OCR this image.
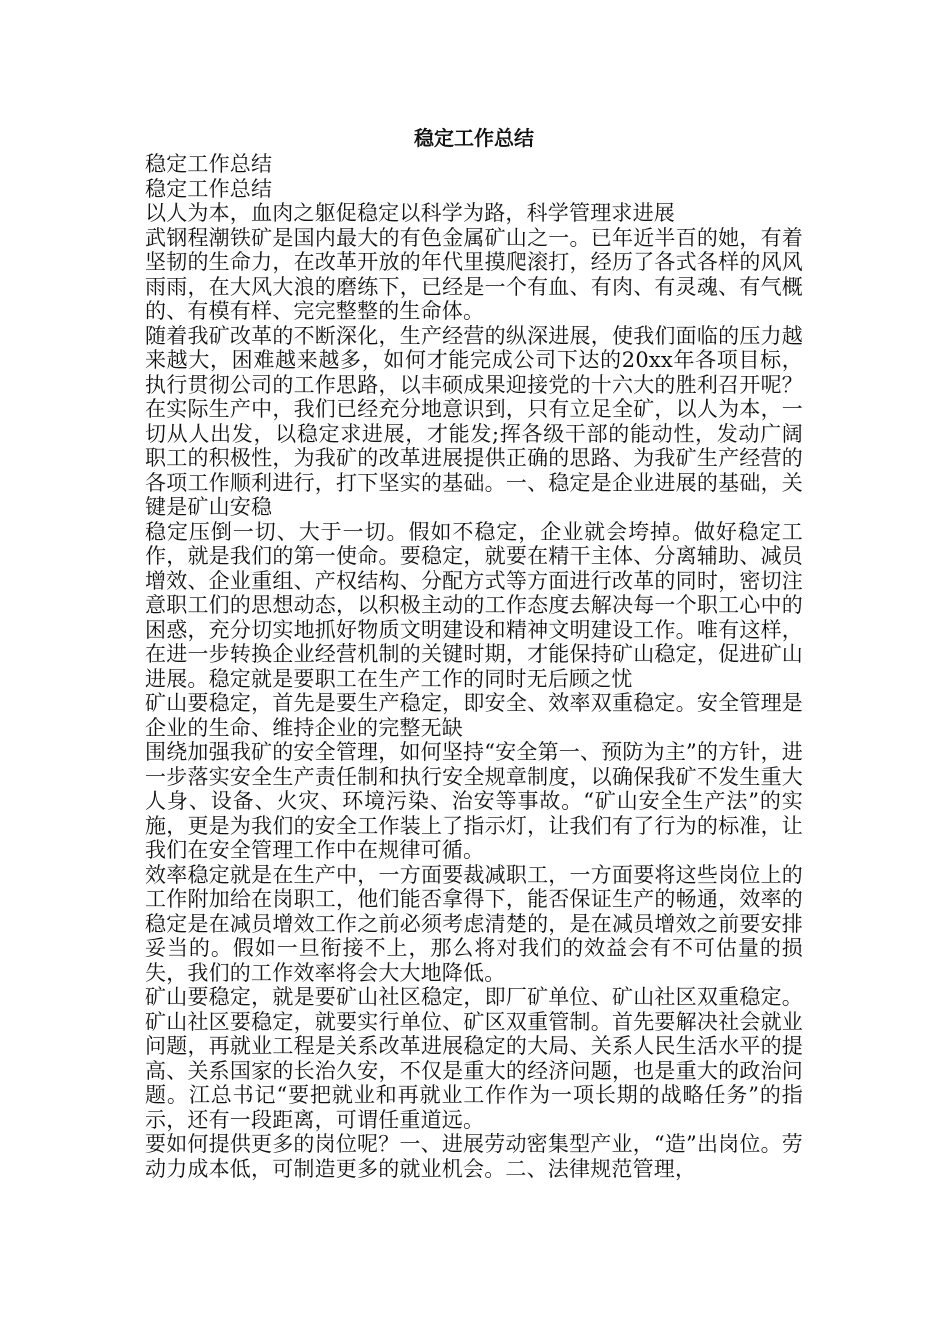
稳定工作总结

稳定工作总结

稳定工作总结

以人为本，血肉之躯促稳定以科学为路，科学管理求进展

武钢程潮铁矿是国内最大的有色金属矿山之一。已年近半百的她，有着坚韧的生命力，在改革开放的年代里摸爬滚打，经历了各式各样的风风雨雨，在大风大浪的磨练下，已经是一个有血、有肉、有灵魂、有气概的、有模有样、完完整整的生命体。

随着我矿改革的不断深化，生产经营的纵深进展，使我们面临的压力越来越大，困难越来越多，如何才能完成公司下达的20xx年各项目标，执行贯彻公司的工作思路，以丰硕成果迎接党的十六大的胜利召开呢？在实际生产中，我们已经充分地意识到，只有立足全矿，以人为本，一切从人出发，以稳定求进展，才能发;挥各级干部的能动性，发动广阔职工的积极性，为我矿的改革进展提供正确的思路、为我矿生产经营的各项工作顺利进行，打下坚实的基础。一、稳定是企业进展的基础，关键是矿山安稳

稳定压倒一切、大于一切。假如不稳定，企业就会垮掉。做好稳定工作，就是我们的第一使命。要稳定，就要在精干主体、分离辅助、减员增效、企业重组、产权结构、分配方式等方面进行改革的同时，密切注意职工们的思想动态，以积极主动的工作态度去解决每一个职工心中的困惑，充分切实地抓好物质文明建设和精神文明建设工作。唯有这样，在进一步转换企业经营机制的关键时期，才能保持矿山稳定，促进矿山进展。稳定就是要职工在生产工作的同时无后顾之忧

矿山要稳定，首先是要生产稳定，即安全、效率双重稳定。安全管理是企业的生命、维持企业的完整无缺

围绕加强我矿的安全管理，如何坚持“安全第一、预防为主”的方针，进一步落实安全生产责任制和执行安全规章制度，以确保我矿不发生重大人身、设备、火灾、环境污染、治安等事故。“矿山安全生产法”的实施，更是为我们的安全工作装上了指示灯，让我们有了行为的标准，让我们在安全管理工作中在规律可循。

效率稳定就是在生产中，一方面要裁减职工，一方面要将这些岗位上的工作附加给在岗职工，他们能否拿得下，能否保证生产的畅通，效率的稳定是在减员增效工作之前必须考虑清楚的，是在减员增效之前要安排妥当的。假如一旦衔接不上，那么将对我们的效益会有不可估量的损失，我们的工作效率将会大大地降低。

矿山要稳定，就是要矿山社区稳定，即厂矿单位、矿山社区双重稳定。矿山社区要稳定，就要实行单位、矿区双重管制。首先要解决社会就业问题，再就业工程是关系改革进展稳定的大局、关系人民生活水平的提高、关系国家的长治久安，不仅是重大的经济问题，也是重大的政治问题。江总书记“要把就业和再就业工作作为一项长期的战略任务”的指示，还有一段距离，可谓任重道远。

要如何提供更多的岗位呢？一、进展劳动密集型产业，“造”出岗位。劳动力成本低，可制造更多的就业机会。二、法律规范管理，
